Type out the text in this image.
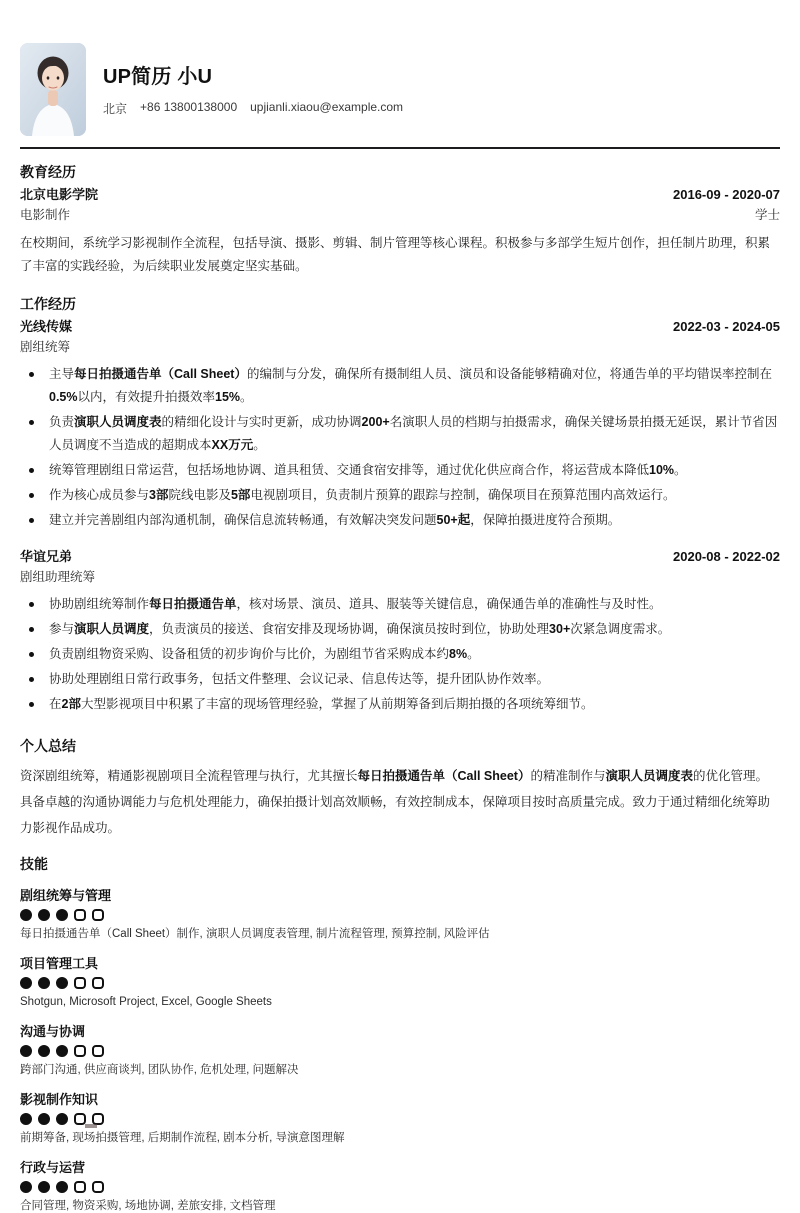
UP简历 小U
北京 +86 13800138000 upjianli.xiaou@example.com
教育经历
北京电影学院	2016-09 - 2020-07
电影制作	学士
在校期间，系统学习影视制作全流程，包括导演、摄影、剪辑、制片管理等核心课程。积极参与多部学生短片创作，担任制片助理，积累了丰富的实践经验，为后续职业发展奠定坚实基础。
工作经历
光线传媒	2022-03 - 2024-05
剧组统筹
主导每日拍摄通告单（Call Sheet）的编制与分发，确保所有摄制组人员、演员和设备能够精确对位，将通告单的平均错误率控制在0.5%以内，有效提升拍摄效率15%。
负责演职人员调度表的精细化设计与实时更新，成功协调200+名演职人员的档期与拍摄需求，确保关键场景拍摄无延误，累计节省因人员调度不当造成的超期成本XX万元。
统筹管理剧组日常运营，包括场地协调、道具租赁、交通食宿安排等，通过优化供应商合作，将运营成本降低10%。
作为核心成员参与3部院线电影及5部电视剧项目，负责制片预算的跟踪与控制，确保项目在预算范围内高效运行。
建立并完善剧组内部沟通机制，确保信息流转畅通，有效解决突发问题50+起，保障拍摄进度符合预期。
华谊兄弟	2020-08 - 2022-02
剧组助理统筹
协助剧组统筹制作每日拍摄通告单，核对场景、演员、道具、服装等关键信息，确保通告单的准确性与及时性。
参与演职人员调度，负责演员的接送、食宿安排及现场协调，确保演员按时到位，协助处理30+次紧急调度需求。
负责剧组物资采购、设备租赁的初步询价与比价，为剧组节省采购成本约8%。
协助处理剧组日常行政事务，包括文件整理、会议记录、信息传达等，提升团队协作效率。
在2部大型影视项目中积累了丰富的现场管理经验，掌握了从前期筹备到后期拍摄的各项统筹细节。
个人总结
资深剧组统筹，精通影视剧项目全流程管理与执行，尤其擅长每日拍摄通告单（Call Sheet）的精准制作与演职人员调度表的优化管理。具备卓越的沟通协调能力与危机处理能力，确保拍摄计划高效顺畅，有效控制成本，保障项目按时高质量完成。致力于通过精细化统筹助力影视作品成功。
技能
剧组统筹与管理
每日拍摄通告单（Call Sheet）制作, 演职人员调度表管理, 制片流程管理, 预算控制, 风险评估
项目管理工具
Shotgun, Microsoft Project, Excel, Google Sheets
沟通与协调
跨部门沟通, 供应商谈判, 团队协作, 危机处理, 问题解决
影视制作知识
前期筹备, 现场拍摄管理, 后期制作流程, 剧本分析, 导演意图理解
行政与运营
合同管理, 物资采购, 场地协调, 差旅安排, 文档管理
